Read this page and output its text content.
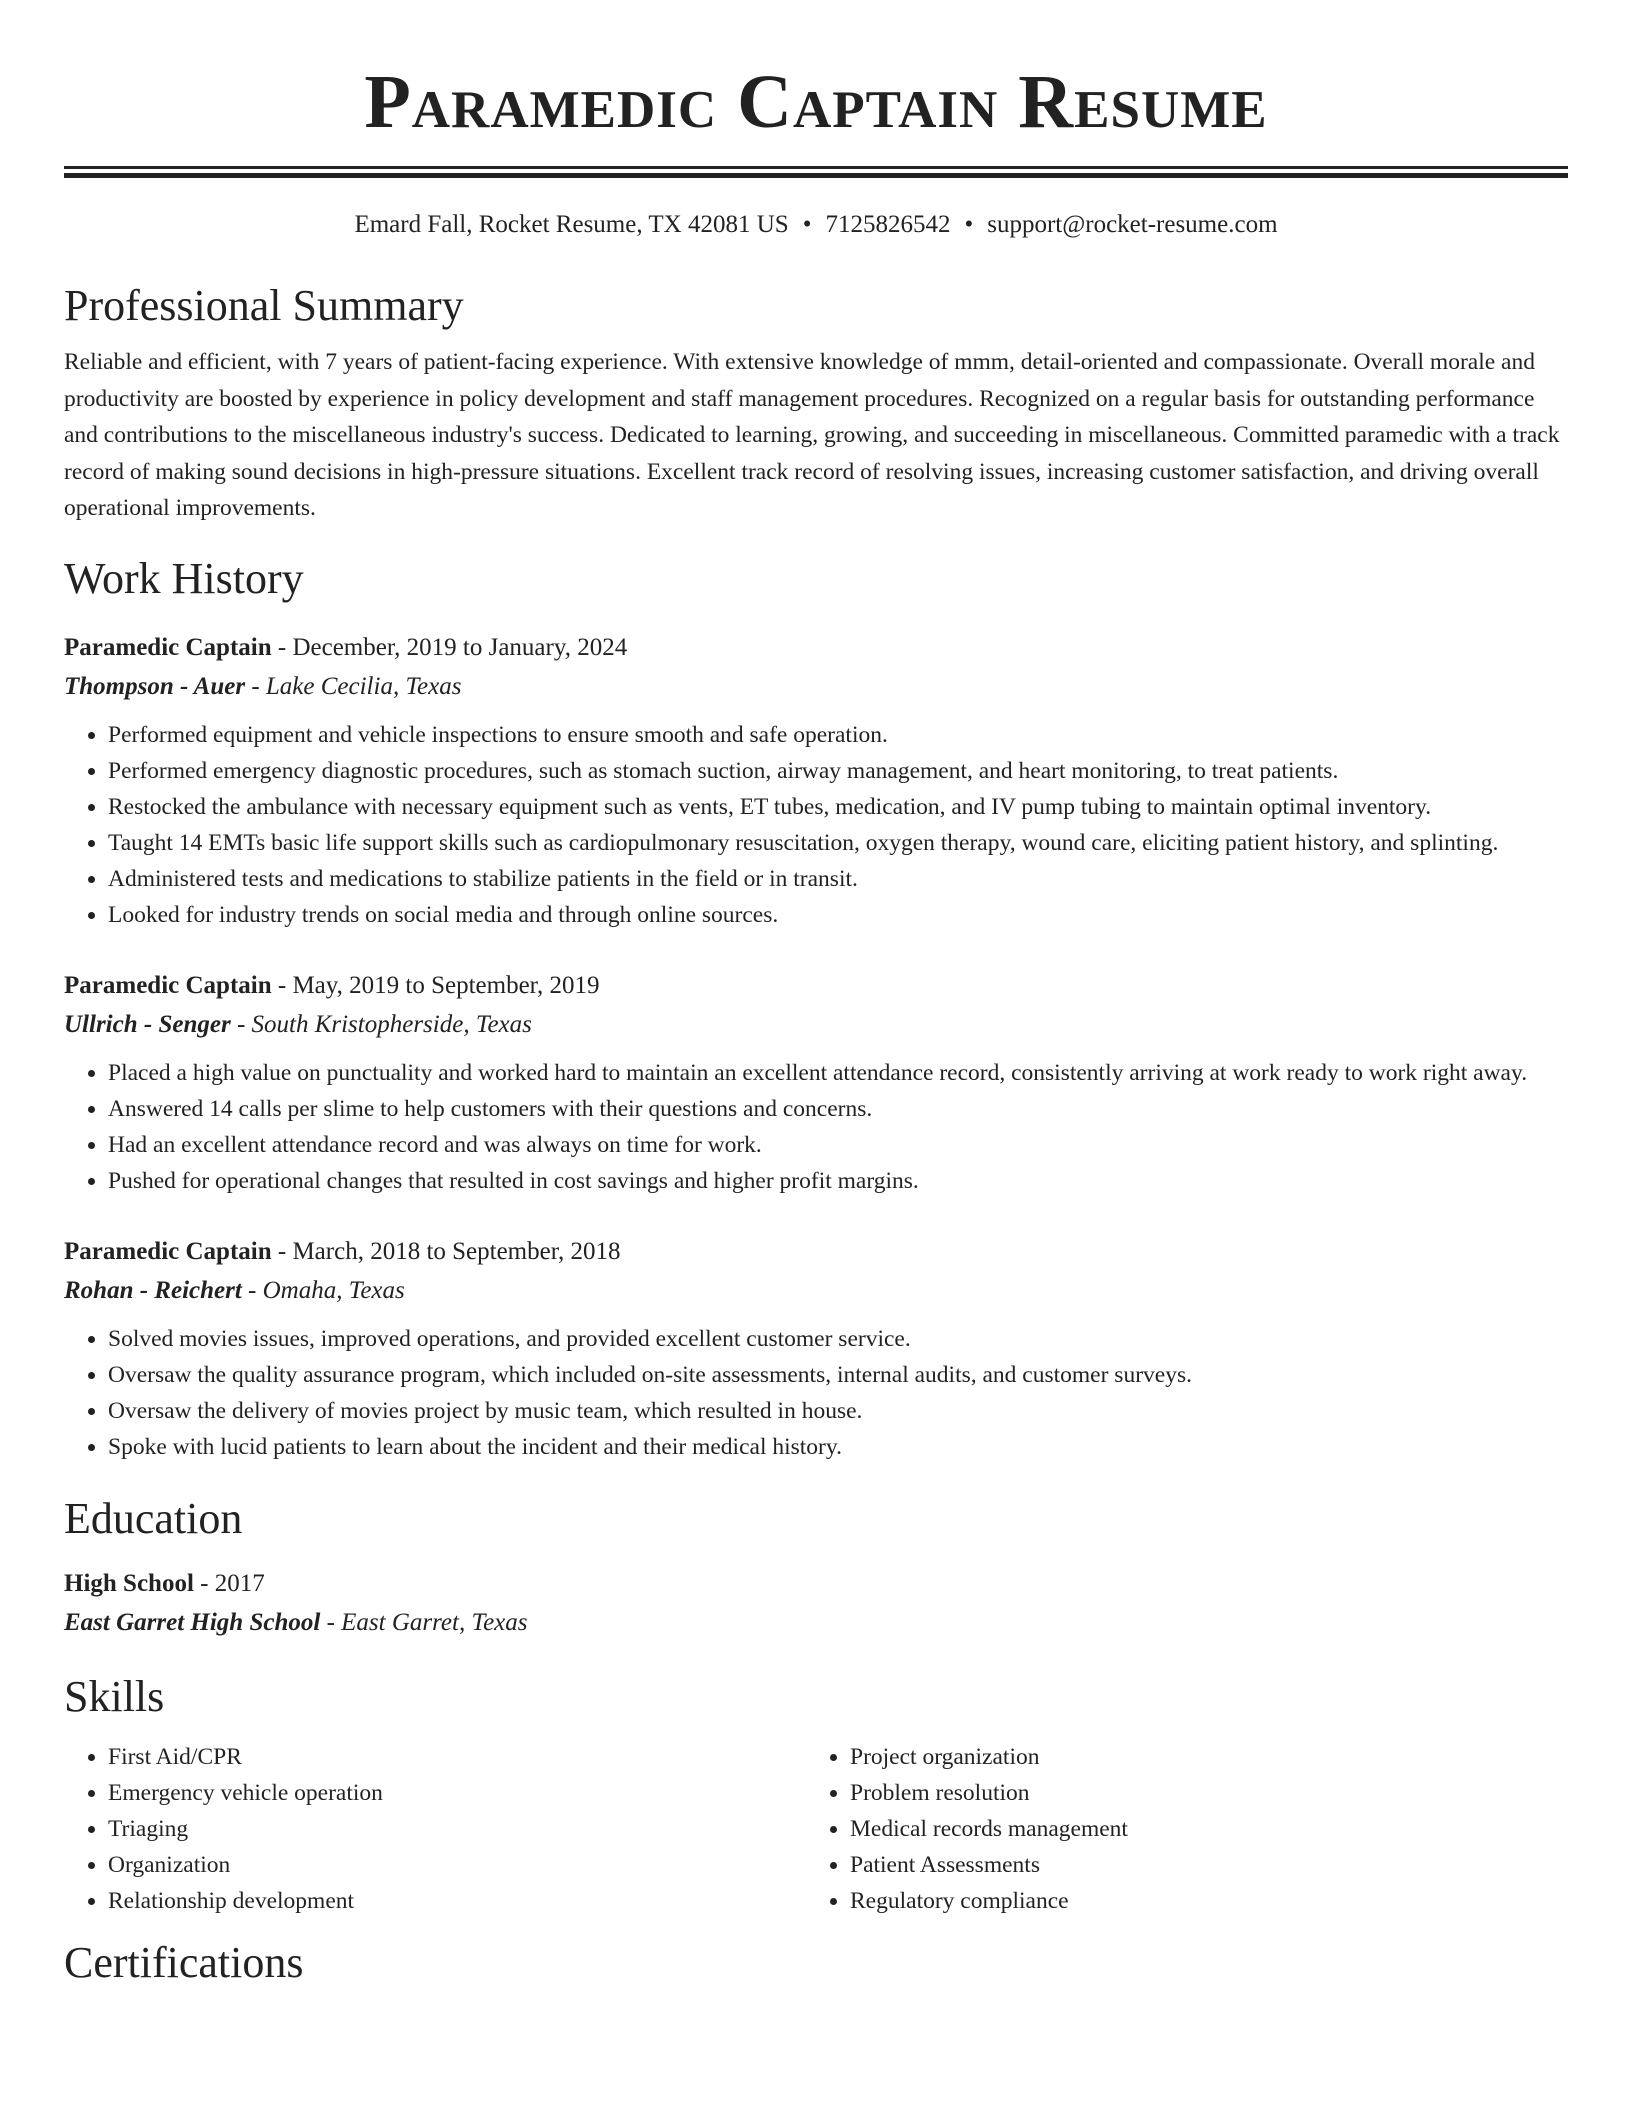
Paramedic Captain Resume
Emard Fall, Rocket Resume, TX 42081 US • 7125826542 • support@rocket-resume.com
Professional Summary

Reliable and efficient, with 7 years of patient-facing experience. With extensive knowledge of mmm, detail-oriented and compassionate. Overall morale and productivity are boosted by experience in policy development and staff management procedures. Recognized on a regular basis for outstanding performance and contributions to the miscellaneous industry's success. Dedicated to learning, growing, and succeeding in miscellaneous. Committed paramedic with a track record of making sound decisions in high-pressure situations. Excellent track record of resolving issues, increasing customer satisfaction, and driving overall operational improvements.

Work History
Paramedic Captain - December, 2019 to January, 2024
Thompson - Auer - Lake Cecilia, Texas
• Performed equipment and vehicle inspections to ensure smooth and safe operation.
• Performed emergency diagnostic procedures, such as stomach suction, airway management, and heart monitoring, to treat patients.
• Restocked the ambulance with necessary equipment such as vents, ET tubes, medication, and IV pump tubing to maintain optimal inventory.
• Taught 14 EMTs basic life support skills such as cardiopulmonary resuscitation, oxygen therapy, wound care, eliciting patient history, and splinting.
• Administered tests and medications to stabilize patients in the field or in transit.
• Looked for industry trends on social media and through online sources.
Paramedic Captain - May, 2019 to September, 2019
Ullrich - Senger - South Kristopherside, Texas
• Placed a high value on punctuality and worked hard to maintain an excellent attendance record, consistently arriving at work ready to work right away.
• Answered 14 calls per slime to help customers with their questions and concerns.
• Had an excellent attendance record and was always on time for work.
• Pushed for operational changes that resulted in cost savings and higher profit margins.
Paramedic Captain - March, 2018 to September, 2018
Rohan - Reichert - Omaha, Texas
• Solved movies issues, improved operations, and provided excellent customer service.
• Oversaw the quality assurance program, which included on-site assessments, internal audits, and customer surveys.
• Oversaw the delivery of movies project by music team, which resulted in house.
• Spoke with lucid patients to learn about the incident and their medical history.
Education
High School - 2017
East Garret High School - East Garret, Texas
Skills
• First Aid/CPR
• Emergency vehicle operation
• Triaging
• Organization
• Relationship development
• Project organization
• Problem resolution
• Medical records management
• Patient Assessments
• Regulatory compliance
Certifications
